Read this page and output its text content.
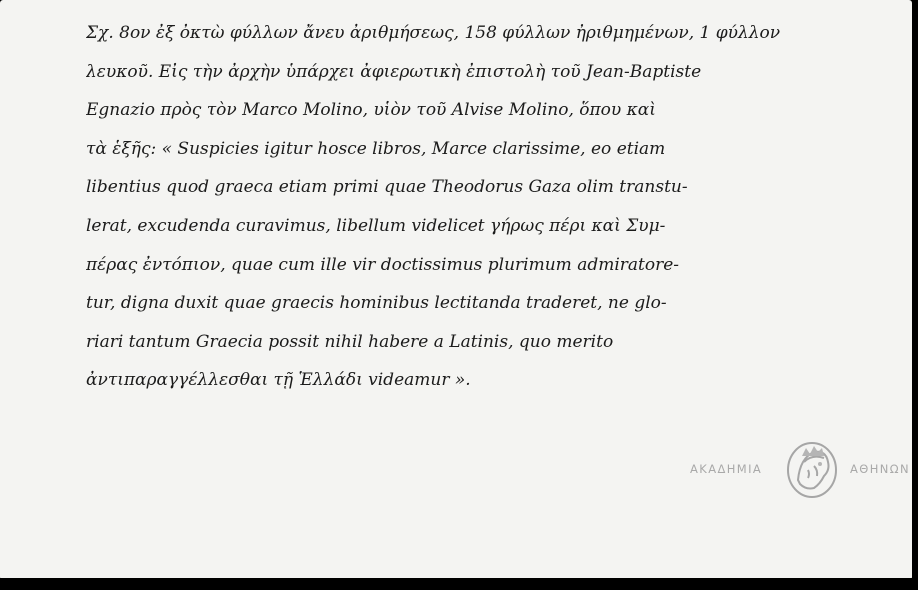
Σχ. 8ον ἐξ ὀκτὼ φύλλων ἄνευ ἀριθμήσεως, 158 φύλλων ἠριθμημένων, 1 φύλλον
λευκοῦ. Εἰς τὴν ἀρχὴν ὑπάρχει ἀφιερωτικὴ ἐπιστολὴ τοῦ Jean-Baptiste
Egnazio πρὸς τὸν Marco Molino, υἱὸν τοῦ Alvise Molino, ὅπου καὶ
τὰ ἑξῆς: « Suspicies igitur hosce libros, Marce clarissime, eo etiam
libentius quod graeca etiam primi quae Theodorus Gaza olim transtu-
lerat, excudenda curavimus, libellum videlicet γήρως πέρι καὶ Συμ-
πέρας ἐντόπιον, quae cum ille vir doctissimus plurimum admiratore-
tur, digna duxit quae graecis hominibus lectitanda traderet, ne glo-
riari tantum Graecia possit nihil habere a Latinis, quo merito
ἀντιπαραγγέλλεσθαι τῇ Ἑλλάδι videamur ».
ΑΚΑΔΗΜΙΑ	ΑΘΗΝΩΝ
